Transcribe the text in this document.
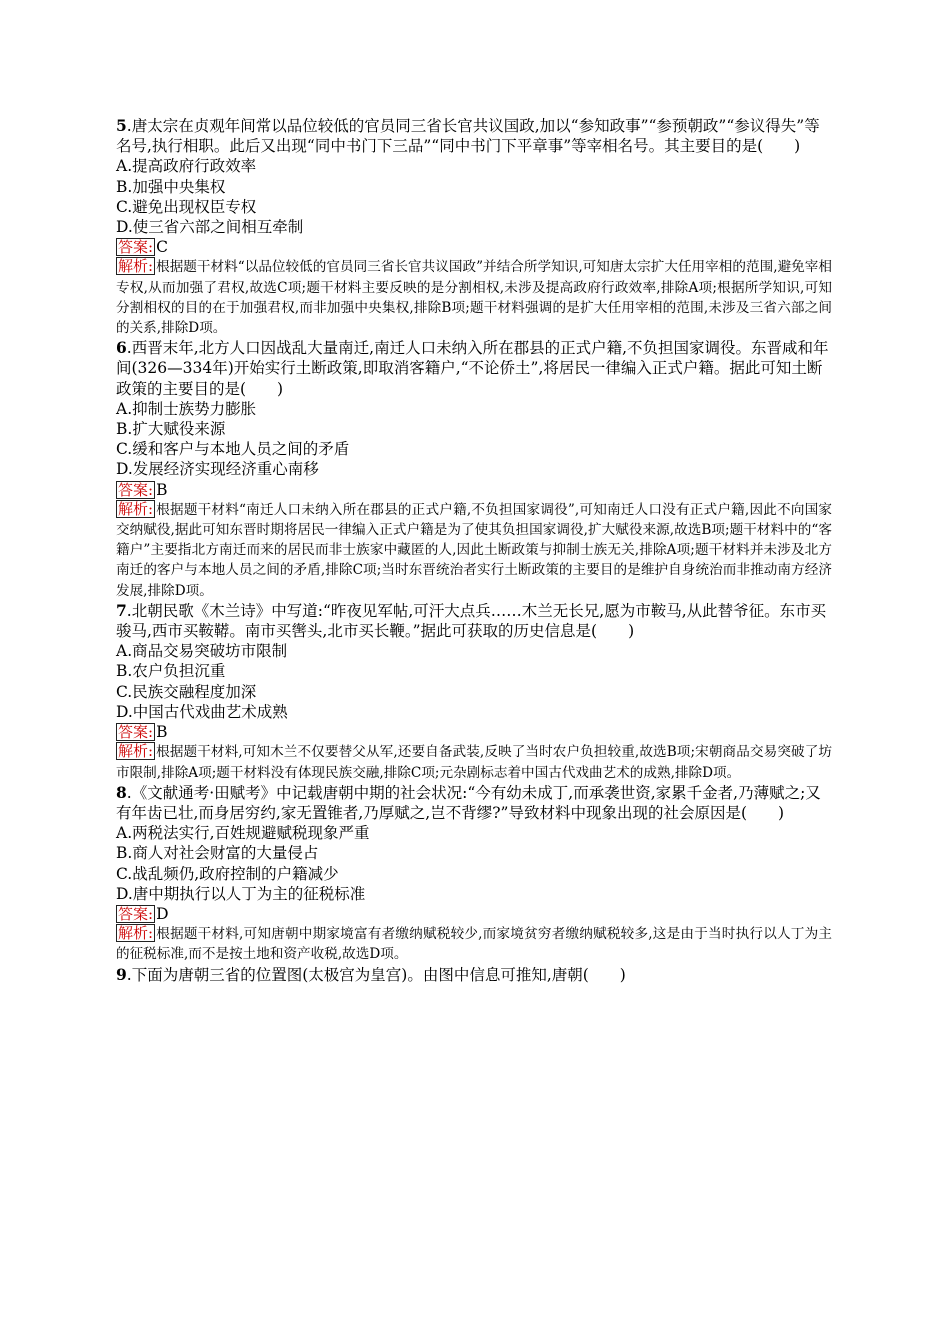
5.唐太宗在贞观年间常以品位较低的官员同三省长官共议国政,加以“参知政事”“参预朝政”“参议得失”等名号,执行相职。此后又出现“同中书门下三品”“同中书门下平章事”等宰相名号。其主要目的是(　　)

A.提高政府行政效率

B.加强中央集权

C.避免出现权臣专权

D.使三省六部之间相互牵制

答案: C

解析: 根据题干材料“以品位较低的官员同三省长官共议国政”并结合所学知识,可知唐太宗扩大任用宰相的范围,避免宰相专权,从而加强了君权,故选C项;题干材料主要反映的是分割相权,未涉及提高政府行政效率,排除A项;根据所学知识,可知分割相权的目的在于加强君权,而非加强中央集权,排除B项;题干材料强调的是扩大任用宰相的范围,未涉及三省六部之间的关系,排除D项。

6.西晋末年,北方人口因战乱大量南迁,南迁人口未纳入所在郡县的正式户籍,不负担国家调役。东晋咸和年间(326—334年)开始实行土断政策,即取消客籍户,“不论侨土”,将居民一律编入正式户籍。据此可知土断政策的主要目的是(　　)

A.抑制士族势力膨胀

B.扩大赋役来源

C.缓和客户与本地人员之间的矛盾

D.发展经济实现经济重心南移

答案: B

解析: 根据题干材料“南迁人口未纳入所在郡县的正式户籍,不负担国家调役”,可知南迁人口没有正式户籍,因此不向国家交纳赋役,据此可知东晋时期将居民一律编入正式户籍是为了使其负担国家调役,扩大赋役来源,故选B项;题干材料中的“客籍户”主要指北方南迁而来的居民而非士族家中藏匿的人,因此土断政策与抑制士族无关,排除A项;题干材料并未涉及北方南迁的客户与本地人员之间的矛盾,排除C项;当时东晋统治者实行土断政策的主要目的是维护自身统治而非推动南方经济发展,排除D项。

7.北朝民歌《木兰诗》中写道:“昨夜见军帖,可汗大点兵……木兰无长兄,愿为市鞍马,从此替爷征。东市买骏马,西市买鞍鞯。南市买辔头,北市买长鞭。”据此可获取的历史信息是(　　)

A.商品交易突破坊市限制

B.农户负担沉重

C.民族交融程度加深

D.中国古代戏曲艺术成熟

答案: B

解析: 根据题干材料,可知木兰不仅要替父从军,还要自备武装,反映了当时农户负担较重,故选B项;宋朝商品交易突破了坊市限制,排除A项;题干材料没有体现民族交融,排除C项;元杂剧标志着中国古代戏曲艺术的成熟,排除D项。

8.《文献通考·田赋考》中记载唐朝中期的社会状况:“今有幼未成丁,而承袭世资,家累千金者,乃薄赋之;又有年齿已壮,而身居穷约,家无置锥者,乃厚赋之,岂不背缪?”导致材料中现象出现的社会原因是(　　)

A.两税法实行,百姓规避赋税现象严重

B.商人对社会财富的大量侵占

C.战乱频仍,政府控制的户籍减少

D.唐中期执行以人丁为主的征税标准

答案: D

解析: 根据题干材料,可知唐朝中期家境富有者缴纳赋税较少,而家境贫穷者缴纳赋税较多,这是由于当时执行以人丁为主的征税标准,而不是按土地和资产收税,故选D项。

9.下面为唐朝三省的位置图(太极宫为皇宫)。由图中信息可推知,唐朝(　　)
